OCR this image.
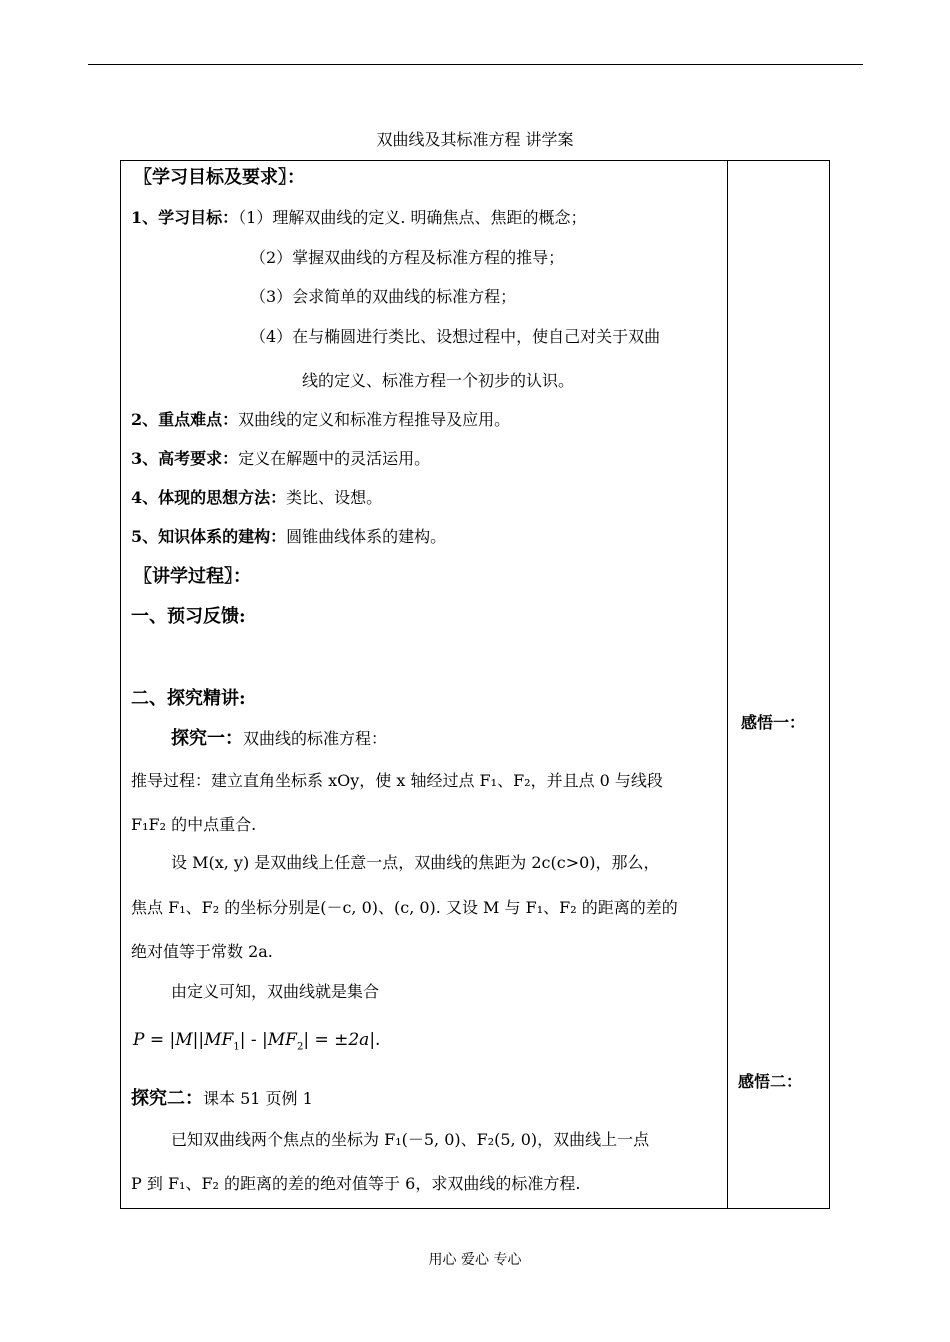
双曲线及其标准方程 讲学案
〖学习目标及要求〗：
1、学习目标：（1）理解双曲线的定义. 明确焦点、焦距的概念；
（2）掌握双曲线的方程及标准方程的推导；
（3）会求简单的双曲线的标准方程；
（4）在与椭圆进行类比、设想过程中，使自己对关于双曲
线的定义、标准方程一个初步的认识。
2、重点难点：双曲线的定义和标准方程推导及应用。
3、高考要求：定义在解题中的灵活运用。
4、体现的思想方法：类比、设想。
5、知识体系的建构：圆锥曲线体系的建构。
〖讲学过程〗：
一、预习反馈:
二、探究精讲:
探究一：双曲线的标准方程：
推导过程：建立直角坐标系 xOy，使 x 轴经过点 F₁、F₂，并且点 0 与线段
F₁F₂ 的中点重合.
设 M(x, y) 是双曲线上任意一点，双曲线的焦距为 2c(c>0)，那么，
焦点 F₁、F₂ 的坐标分别是(－c, 0)、(c, 0). 又设 M 与 F₁、F₂ 的距离的差的
绝对值等于常数 2a.
由定义可知，双曲线就是集合
$P = |M||MF_1| - |MF_2| = \pm 2a|$.
探究二：课本 51 页例 1
已知双曲线两个焦点的坐标为 F₁(－5, 0)、F₂(5, 0)，双曲线上一点
P 到 F₁、F₂ 的距离的差的绝对值等于 6，求双曲线的标准方程.
感悟一：
感悟二：
用心 爱心 专心
